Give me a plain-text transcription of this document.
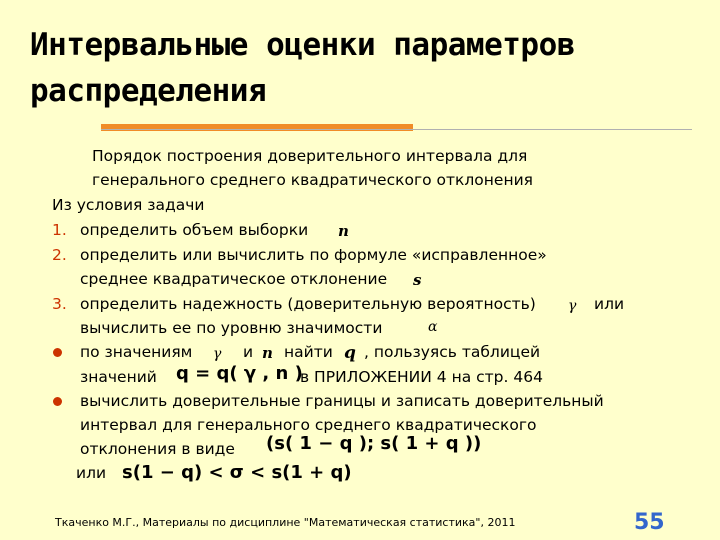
Интервальные оценки параметров
распределения
Порядок построения доверительного интервала для
генерального среднего квадратического отклонения
Из условия задачи
1. определить объем выборки n
2. определить или вычислить по формуле «исправленное»
среднее квадратическое отклонение s
3. определить надежность (доверительную вероятность) γ или
вычислить ее по уровню значимости	α
по значениям γ и n найти q , пользуясь таблицей
значений q = q( γ , n )
в ПРИЛОЖЕНИИ 4 на стр. 464
вычислить доверительные границы и записать доверительный
интервал для генерального среднего квадратического
отклонения в виде (s( 1 − q ); s( 1 + q ))
или s(1 − q) < σ < s(1 + q)
Ткаченко М.Г., Материалы по дисциплине "Математическая статистика", 2011	55
